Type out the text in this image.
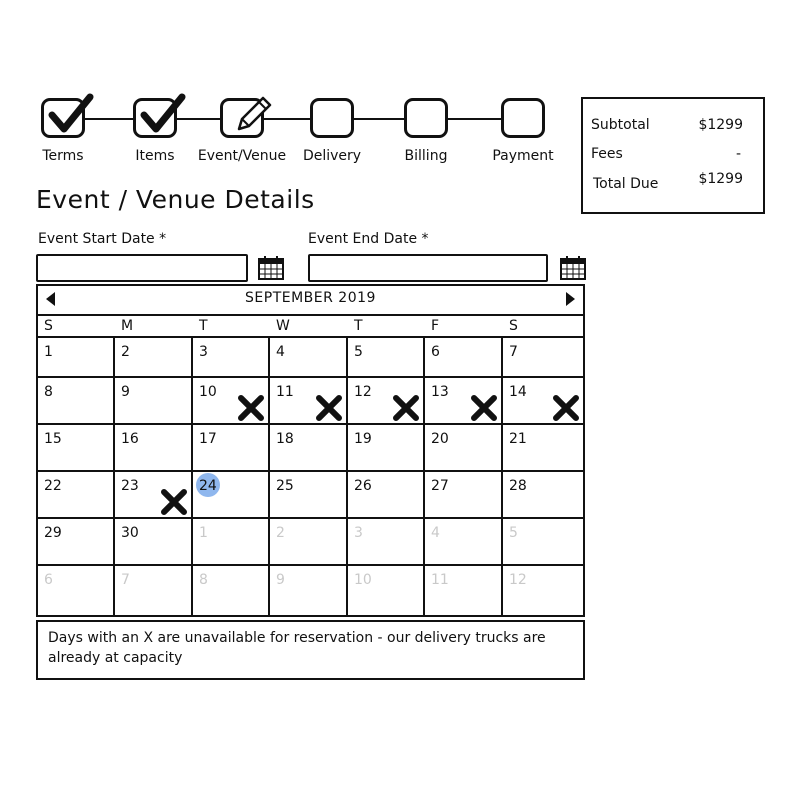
Terms	Items	Event/Venue	Delivery	Billing	Payment
Subtotal	$1299
Fees	-
Total Due	$1299
Event / Venue Details
Event Start Date *	Event End Date *
SEPTEMBER 2019
S	M	T	W	T	F	S
1	2	3	4	5	6	7
8	9	10	11	12	13	14
15	16	17	18	19	20	21
22	23	24	25	26	27	28
29	30	1	2	3	4	5
6	7	8	9	10	11	12
Days with an X are unavailable for reservation - our delivery trucks are already at capacity
